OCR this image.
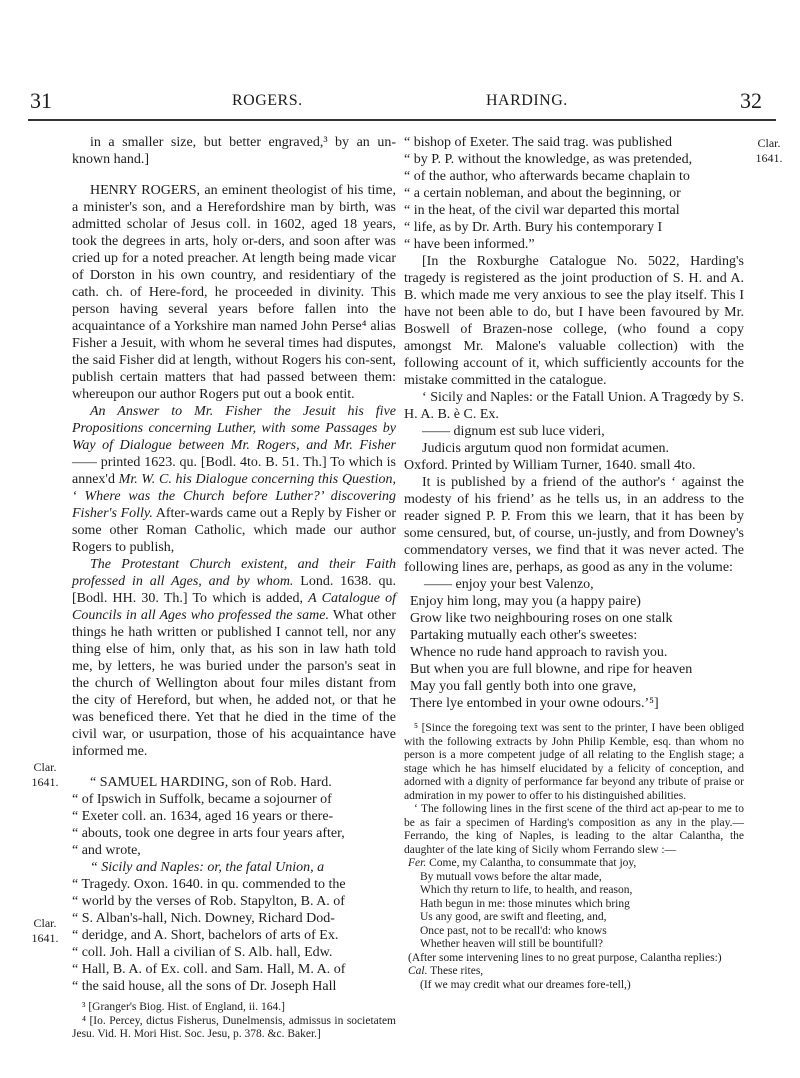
31	ROGERS.	HARDING.	32
Clar.
1641.
Clar.
1641.
Clar.
1641.

in a smaller size, but better engraved,³ by an un-known hand.]

HENRY ROGERS, an eminent theologist of his time, a minister's son, and a Herefordshire man by birth, was admitted scholar of Jesus coll. in 1602, aged 18 years, took the degrees in arts, holy or-ders, and soon after was cried up for a noted preacher. At length being made vicar of Dorston in his own country, and residentiary of the cath. ch. of Here-ford, he proceeded in divinity. This person having several years before fallen into the acquaintance of a Yorkshire man named John Perse⁴ alias Fisher a Jesuit, with whom he several times had disputes, the said Fisher did at length, without Rogers his con-sent, publish certain matters that had passed between them: whereupon our author Rogers put out a book entit.

An Answer to Mr. Fisher the Jesuit his five Propositions concerning Luther, with some Passages by Way of Dialogue between Mr. Rogers, and Mr. Fisher—— printed 1623. qu. [Bodl. 4to. B. 51. Th.] To which is annex'd Mr. W. C. his Dialogue concerning this Question, ‘ Where was the Church before Luther?’ discovering Fisher's Folly. After-wards came out a Reply by Fisher or some other Roman Catholic, which made our author Rogers to publish,

The Protestant Church existent, and their Faith professed in all Ages, and by whom. Lond. 1638. qu. [Bodl. HH. 30. Th.] To which is added, A Catalogue of Councils in all Ages who professed the same. What other things he hath written or published I cannot tell, nor any thing else of him, only that, as his son in law hath told me, by letters, he was buried under the parson's seat in the church of Wellington about four miles distant from the city of Hereford, but when, he added not, or that he was beneficed there. Yet that he died in the time of the civil war, or usurpation, those of his acquaintance have informed me.

“ SAMUEL HARDING, son of Rob. Hard.

“ of Ipswich in Suffolk, became a sojourner of

“ Exeter coll. an. 1634, aged 16 years or there-

“ abouts, took one degree in arts four years after,

“ and wrote,

“ Sicily and Naples: or, the fatal Union, a

“ Tragedy. Oxon. 1640. in qu. commended to the

“ world by the verses of Rob. Stapylton, B. A. of

“ S. Alban's-hall, Nich. Downey, Richard Dod-

“ deridge, and A. Short, bachelors of arts of Ex.

“ coll. Joh. Hall a civilian of S. Alb. hall, Edw.

“ Hall, B. A. of Ex. coll. and Sam. Hall, M. A. of

“ the said house, all the sons of Dr. Joseph Hall

³ [Granger's Biog. Hist. of England, ii. 164.]

⁴ [Io. Percey, dictus Fisherus, Dunelmensis, admissus in societatem Jesu. Vid. H. Mori Hist. Soc. Jesu, p. 378. &c. Baker.]

“ bishop of Exeter. The said trag. was published

“ by P. P. without the knowledge, as was pretended,

“ of the author, who afterwards became chaplain to

“ a certain nobleman, and about the beginning, or

“ in the heat, of the civil war departed this mortal

“ life, as by Dr. Arth. Bury his contemporary I

“ have been informed.”

[In the Roxburghe Catalogue No. 5022, Harding's tragedy is registered as the joint production of S. H. and A. B. which made me very anxious to see the play itself. This I have not been able to do, but I have been favoured by Mr. Boswell of Brazen-nose college, (who found a copy amongst Mr. Malone's valuable collection) with the following account of it, which sufficiently accounts for the mistake committed in the catalogue.

‘ Sicily and Naples: or the Fatall Union. A Tragœdy by S. H. A. B. è C. Ex.

—— dignum est sub luce videri,

Judicis argutum quod non formidat acumen.

Oxford. Printed by William Turner, 1640. small 4to.

It is published by a friend of the author's ‘ against the modesty of his friend’ as he tells us, in an address to the reader signed P. P. From this we learn, that it has been by some censured, but, of course, un-justly, and from Downey's commendatory verses, we find that it was never acted. The following lines are, perhaps, as good as any in the volume:

—— enjoy your best Valenzo,

Enjoy him long, may you (a happy paire)

Grow like two neighbouring roses on one stalk

Partaking mutually each other's sweetes:

Whence no rude hand approach to ravish you.

But when you are full blowne, and ripe for heaven

May you fall gently both into one grave,

There lye entombed in your owne odours.’⁵]

⁵ [Since the foregoing text was sent to the printer, I have been obliged with the following extracts by John Philip Kemble, esq. than whom no person is a more competent judge of all relating to the English stage; a stage which he has himself elucidated by a felicity of conception, and adorned with a dignity of performance far beyond any tribute of praise or admiration in my power to offer to his distinguished abilities.

‘ The following lines in the first scene of the third act ap-pear to me to be as fair a specimen of Harding's composition as any in the play.—Ferrando, the king of Naples, is leading to the altar Calantha, the daughter of the late king of Sicily whom Ferrando slew :—

Fer. Come, my Calantha, to consummate that joy,

By mutuall vows before the altar made,

Which thy return to life, to health, and reason,

Hath begun in me: those minutes which bring

Us any good, are swift and fleeting, and,

Once past, not to be recall'd: who knows

Whether heaven will still be bountifull?

(After some intervening lines to no great purpose, Calantha replies:)

Cal. These rites,

(If we may credit what our dreames fore-tell,)
